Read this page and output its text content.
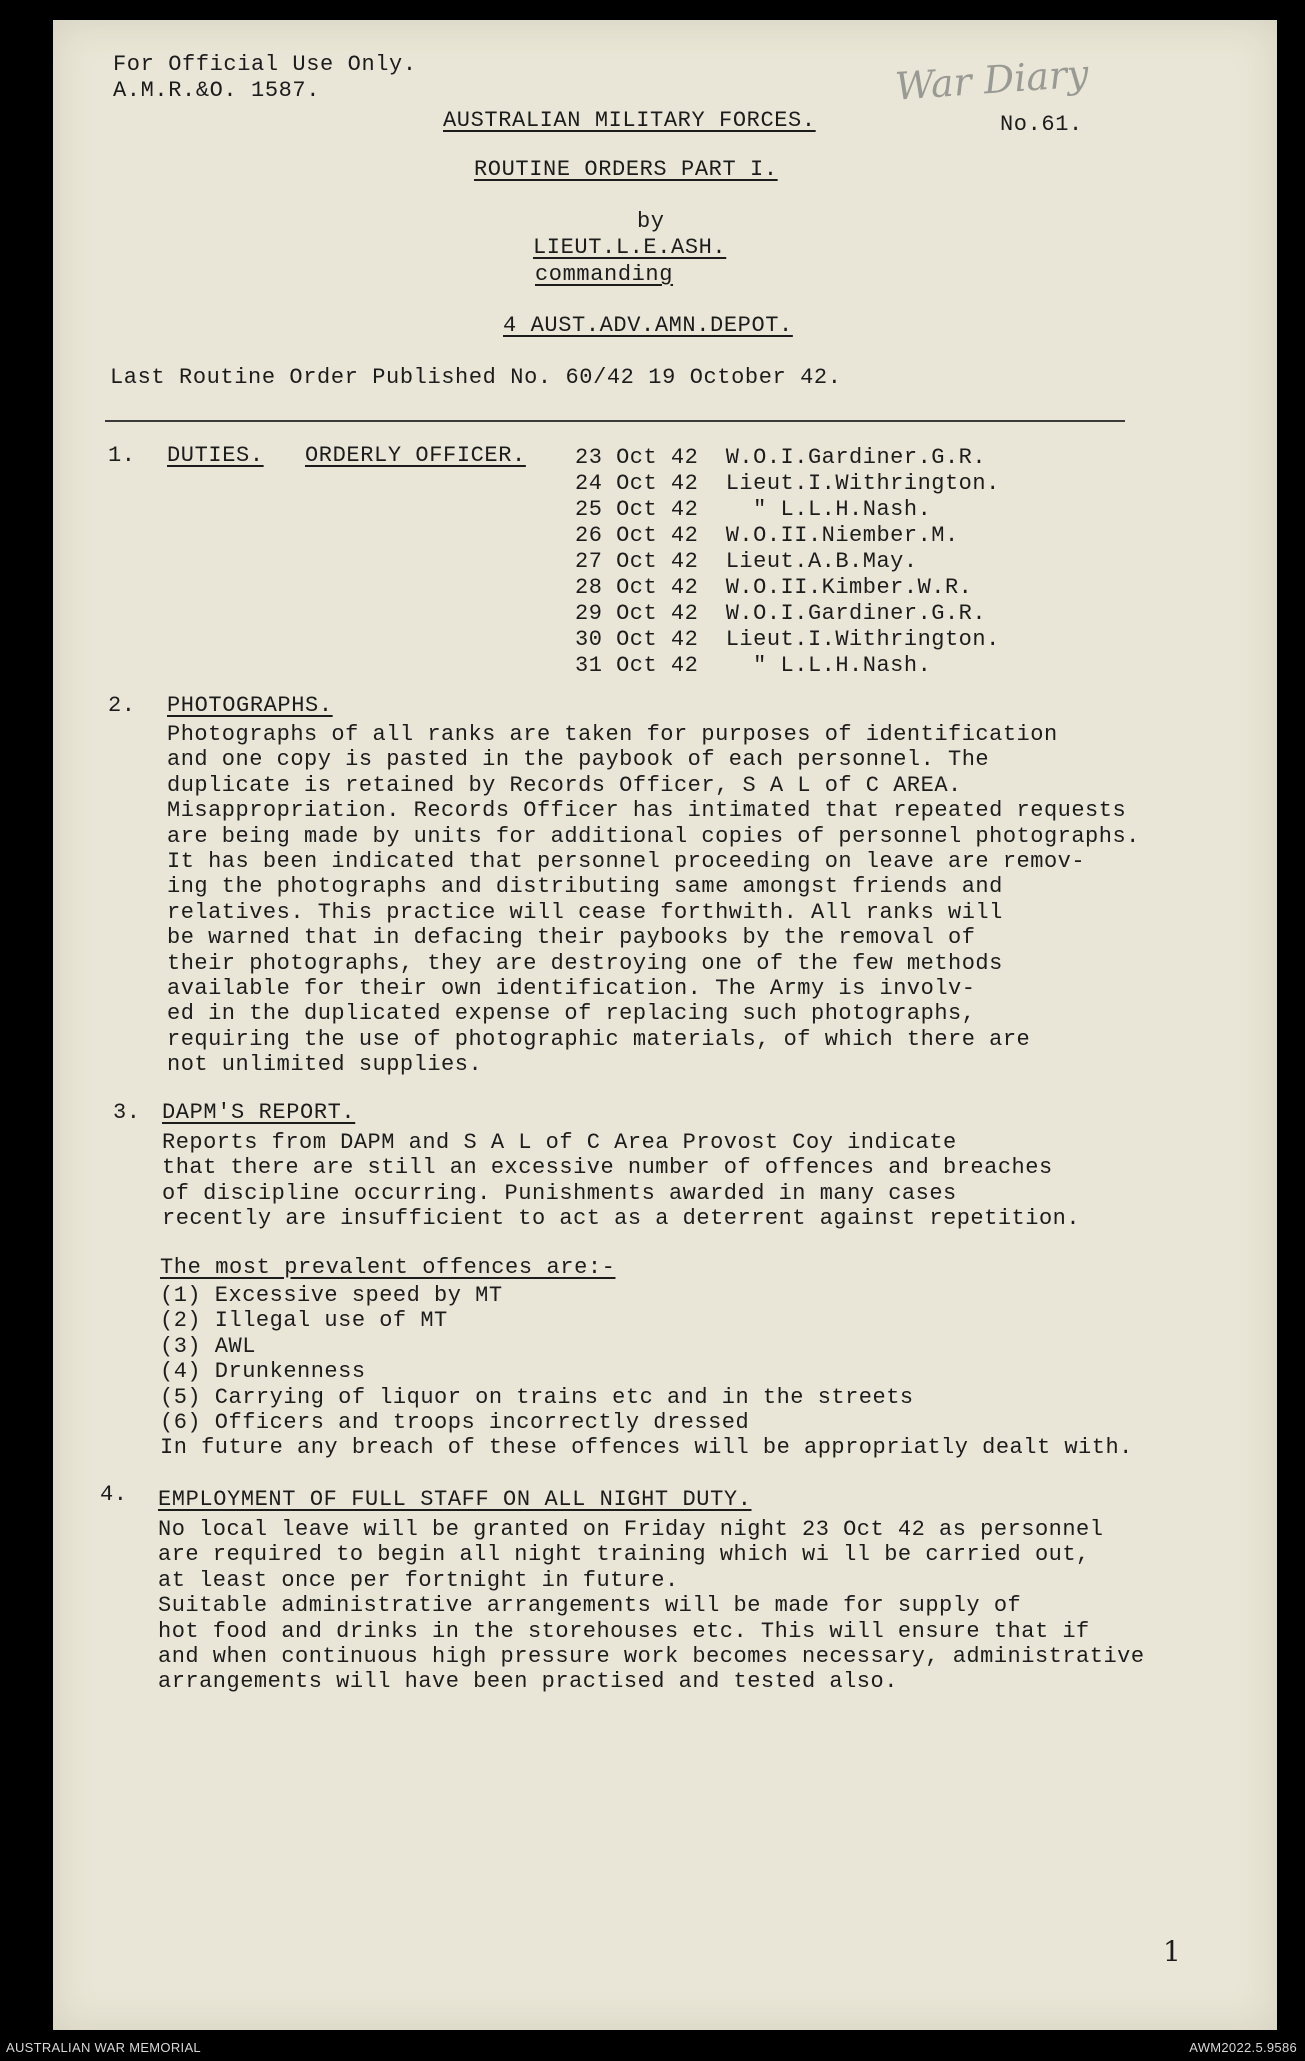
For Official Use Only.
A.M.R.&O. 1587.	War Diary
AUSTRALIAN MILITARY FORCES.	No.61.
ROUTINE ORDERS PART I.
by
LIEUT.L.E.ASH.
commanding
4 AUST.ADV.AMN.DEPOT.
Last Routine Order Published No. 60/42 19 October 42.
1. DUTIES. ORDERLY OFFICER. 23 Oct 42 W.O.I.Gardiner.G.R.
24 Oct 42 Lieut.I.Withrington.
25 Oct 42 " L.L.H.Nash.
26 Oct 42 W.O.II.Niember.M.
27 Oct 42 Lieut.A.B.May.
28 Oct 42 W.O.II.Kimber.W.R.
29 Oct 42 W.O.I.Gardiner.G.R.
30 Oct 42 Lieut.I.Withrington.
31 Oct 42 " L.L.H.Nash.
2. PHOTOGRAPHS.
Photographs of all ranks are taken for purposes of identification
and one copy is pasted in the paybook of each personnel. The
duplicate is retained by Records Officer, S A L of C AREA.
Misappropriation. Records Officer has intimated that repeated requests
are being made by units for additional copies of personnel photographs.
It has been indicated that personnel proceeding on leave are remov-
ing the photographs and distributing same amongst friends and
relatives. This practice will cease forthwith. All ranks will
be warned that in defacing their paybooks by the removal of
their photographs, they are destroying one of the few methods
available for their own identification. The Army is involv-
ed in the duplicated expense of replacing such photographs,
requiring the use of photographic materials, of which there are
not unlimited supplies.
3. DAPM'S REPORT.
Reports from DAPM and S A L of C Area Provost Coy indicate
that there are still an excessive number of offences and breaches
of discipline occurring. Punishments awarded in many cases
recently are insufficient to act as a deterrent against repetition.
The most prevalent offences are:-
(1) Excessive speed by MT
(2) Illegal use of MT
(3) AWL
(4) Drunkenness
(5) Carrying of liquor on trains etc and in the streets
(6) Officers and troops incorrectly dressed
In future any breach of these offences will be appropriatly dealt with.
4. EMPLOYMENT OF FULL STAFF ON ALL NIGHT DUTY.
No local leave will be granted on Friday night 23 Oct 42 as personnel
are required to begin all night training which wi ll be carried out,
at least once per fortnight in future.
Suitable administrative arrangements will be made for supply of
hot food and drinks in the storehouses etc. This will ensure that if
and when continuous high pressure work becomes necessary, administrative
arrangements will have been practised and tested also.
1
AUSTRALIAN WAR MEMORIAL	AWM2022.5.9586
